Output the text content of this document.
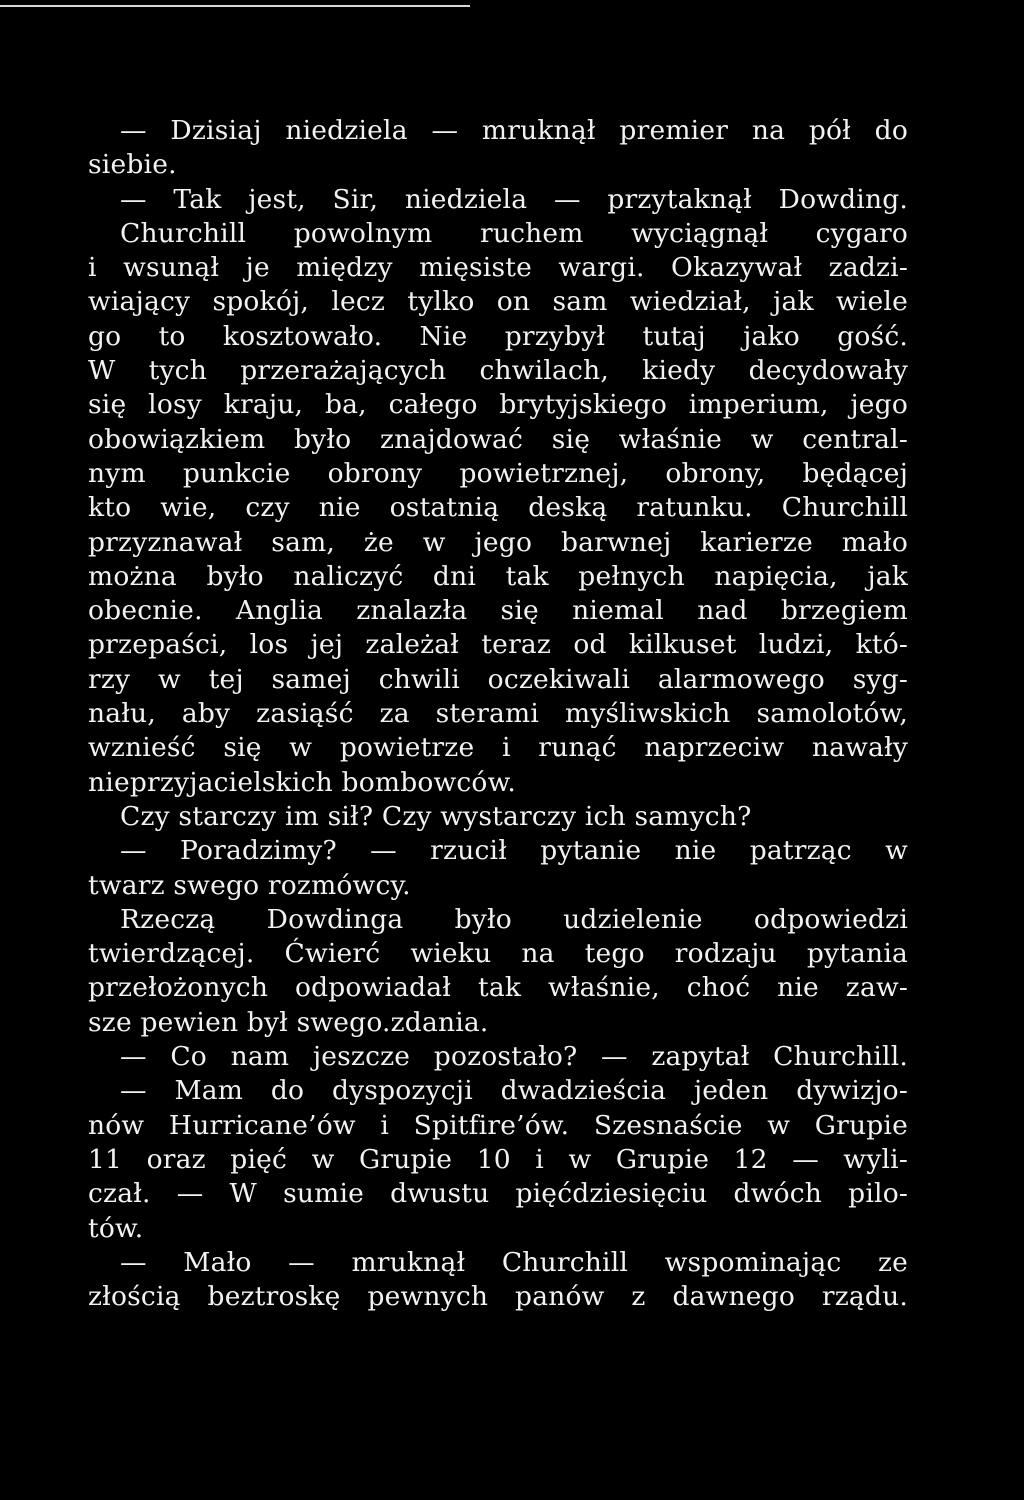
— Dzisiaj niedziela — mruknął premier na pół do
siebie.
— Tak jest, Sir, niedziela — przytaknął Dowding.
Churchill powolnym ruchem wyciągnął cygaro
i wsunął je między mięsiste wargi. Okazywał zadzi-
wiający spokój, lecz tylko on sam wiedział, jak wiele
go to kosztowało. Nie przybył tutaj jako gość.
W tych przerażających chwilach, kiedy decydowały
się losy kraju, ba, całego brytyjskiego imperium, jego
obowiązkiem było znajdować się właśnie w central-
nym punkcie obrony powietrznej, obrony, będącej
kto wie, czy nie ostatnią deską ratunku. Churchill
przyznawał sam, że w jego barwnej karierze mało
można było naliczyć dni tak pełnych napięcia, jak
obecnie. Anglia znalazła się niemal nad brzegiem
przepaści, los jej zależał teraz od kilkuset ludzi, któ-
rzy w tej samej chwili oczekiwali alarmowego syg-
nału, aby zasiąść za sterami myśliwskich samolotów,
wznieść się w powietrze i runąć naprzeciw nawały
nieprzyjacielskich bombowców.
Czy starczy im sił? Czy wystarczy ich samych?
— Poradzimy? — rzucił pytanie nie patrząc w
twarz swego rozmówcy.
Rzeczą Dowdinga było udzielenie odpowiedzi
twierdzącej. Ćwierć wieku na tego rodzaju pytania
przełożonych odpowiadał tak właśnie, choć nie zaw-
sze pewien był swego.zdania.
— Co nam jeszcze pozostało? — zapytał Churchill.
— Mam do dyspozycji dwadzieścia jeden dywizjo-
nów Hurricane’ów i Spitfire’ów. Szesnaście w Grupie
11 oraz pięć w Grupie 10 i w Grupie 12 — wyli-
czał. — W sumie dwustu pięćdziesięciu dwóch pilo-
tów.
— Mało — mruknął Churchill wspominając ze
złością beztroskę pewnych panów z dawnego rządu.
